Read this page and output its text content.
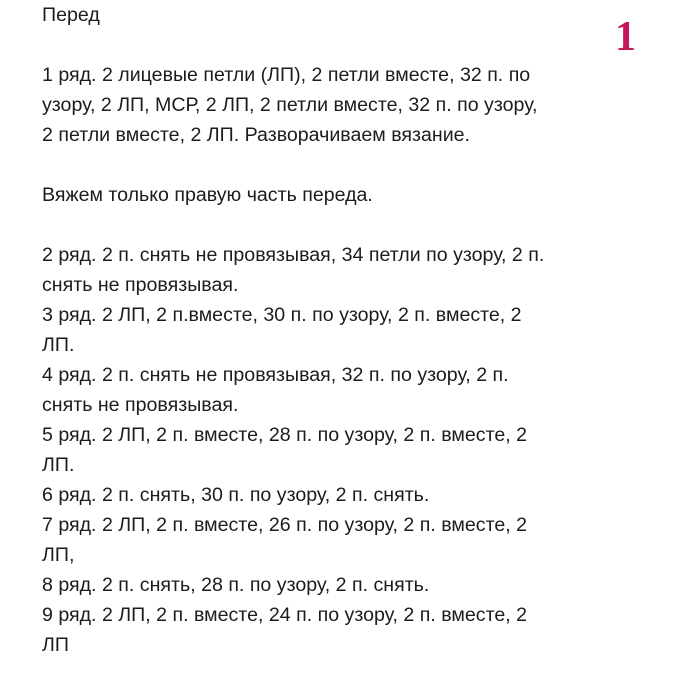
1

Перед

1 ряд. 2 лицевые петли (ЛП), 2 петли вместе, 32 п. по
узору, 2 ЛП, МСР, 2 ЛП, 2 петли вместе, 32 п. по узору,
2 петли вместе, 2 ЛП. Разворачиваем вязание.

Вяжем только правую часть переда.

2 ряд. 2 п. снять не провязывая, 34 петли по узору, 2 п.
снять не провязывая.

3 ряд. 2 ЛП, 2 п.вместе, 30 п. по узору, 2 п. вместе, 2
ЛП.

4 ряд. 2 п. снять не провязывая, 32 п. по узору, 2 п.
снять не провязывая.

5 ряд. 2 ЛП, 2 п. вместе, 28 п. по узору, 2 п. вместе, 2
ЛП.

6 ряд. 2 п. снять, 30 п. по узору, 2 п. снять.

7 ряд. 2 ЛП, 2 п. вместе, 26 п. по узору, 2 п. вместе, 2
ЛП,

8 ряд. 2 п. снять, 28 п. по узору, 2 п. снять.

9 ряд. 2 ЛП, 2 п. вместе, 24 п. по узору, 2 п. вместе, 2
ЛП
